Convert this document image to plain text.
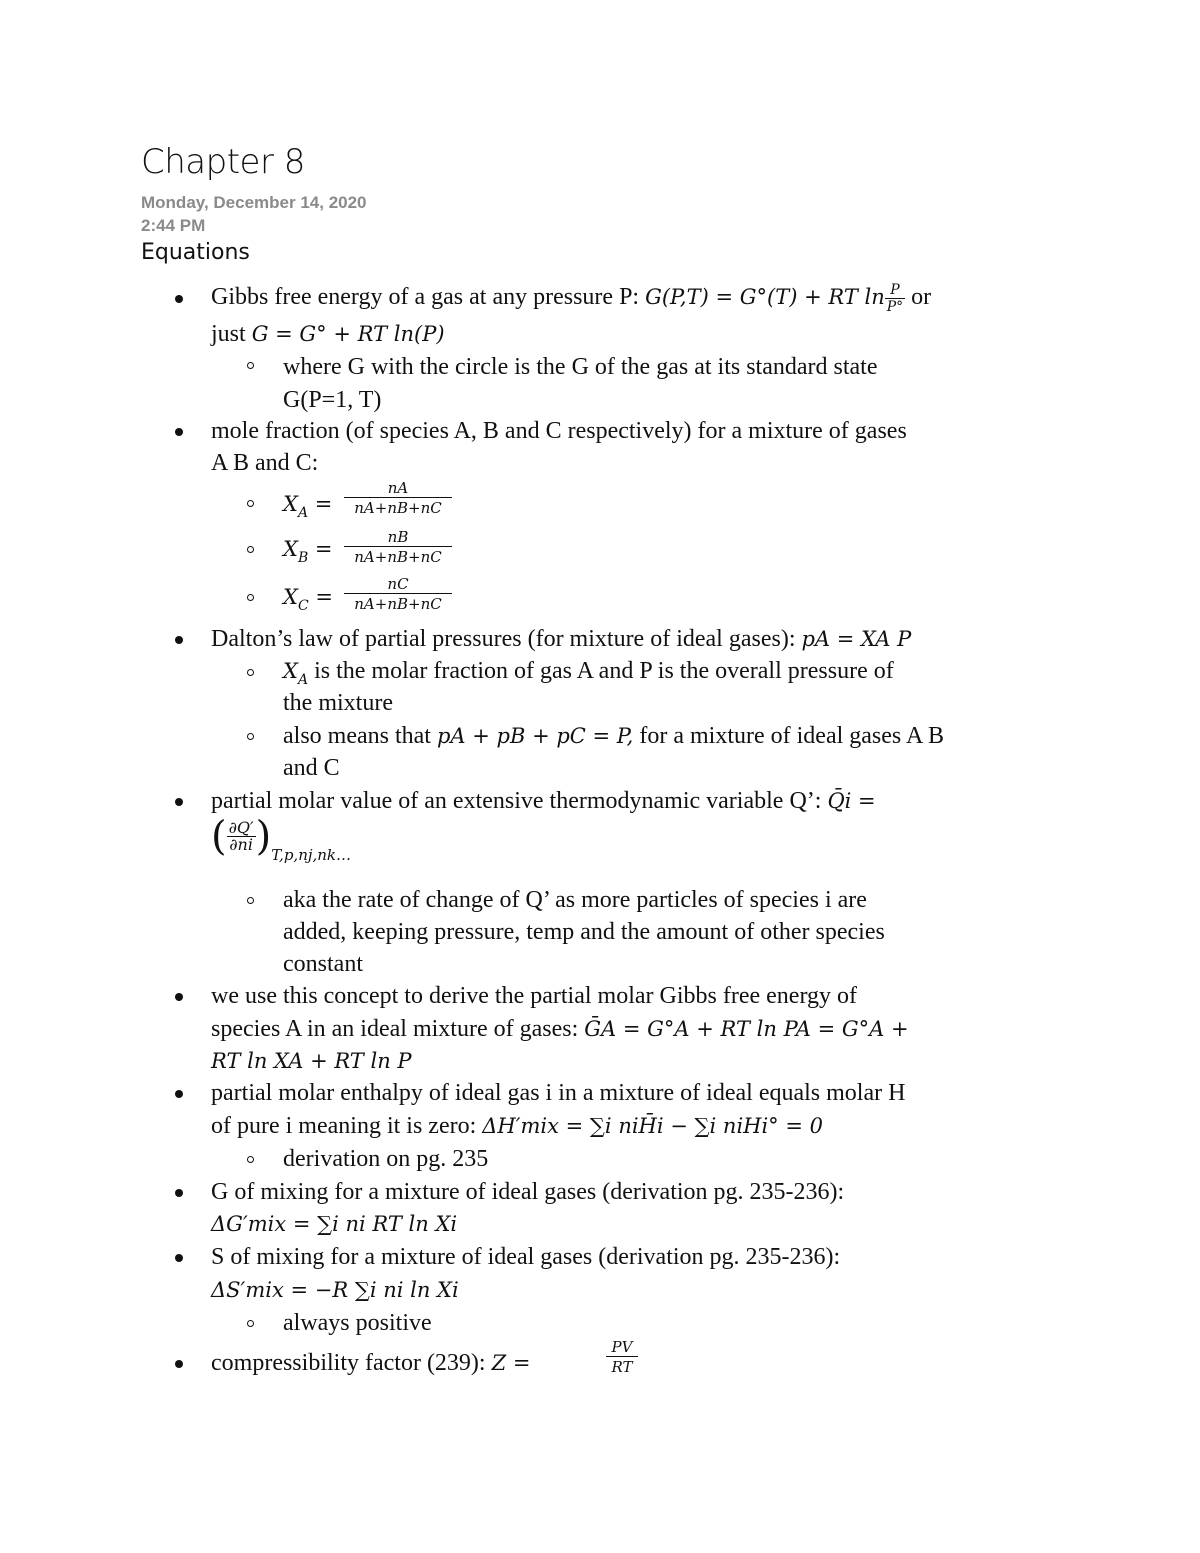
Chapter 8
Monday, December 14, 2020
2:44 PM
Equations
Gibbs free energy of a gas at any pressure P: G(P,T) = G°(T) + RT $\ln \frac{P}{P^\circ}$ or
just G = G° + RT ln(P)
where G with the circle is the G of the gas at its standard state
G(P=1, T)
mole fraction (of species A, B and C respectively) for a mixture of gases
A B and C:
$X_A = \frac{nA}{nA+nB+nC}$
$X_B = \frac{nB}{nA+nB+nC}$
$X_C = \frac{nC}{nA+nB+nC}$
Dalton’s law of partial pressures (for mixture of ideal gases): pA = XA P
$X_A$ is the molar fraction of gas A and P is the overall pressure of
the mixture
also means that pA + pB + pC = P, for a mixture of ideal gases A B
and C
partial molar value of an extensive thermodynamic variable Q’: Q̄i =
( $\frac{\partial Q'}{\partial ni} )_{T,p,nj,nk\dots}$
aka the rate of change of Q’ as more particles of species i are
added, keeping pressure, temp and the amount of other species
constant
we use this concept to derive the partial molar Gibbs free energy of
species A in an ideal mixture of gases: ḠA = G°A + RT ln PA = G°A +
RT ln XA + RT ln P
partial molar enthalpy of ideal gas i in a mixture of ideal equals molar H
of pure i meaning it is zero: ΔH′mix = ∑i niH̄i − ∑i niHi° = 0
derivation on pg. 235
G of mixing for a mixture of ideal gases (derivation pg. 235-236):
ΔG′mix = ∑i ni RT ln Xi
S of mixing for a mixture of ideal gases (derivation pg. 235-236):
ΔS′mix = −R ∑i ni ln Xi
always positive
compressibility factor (239): Z =	$\frac{PV}{RT}$
